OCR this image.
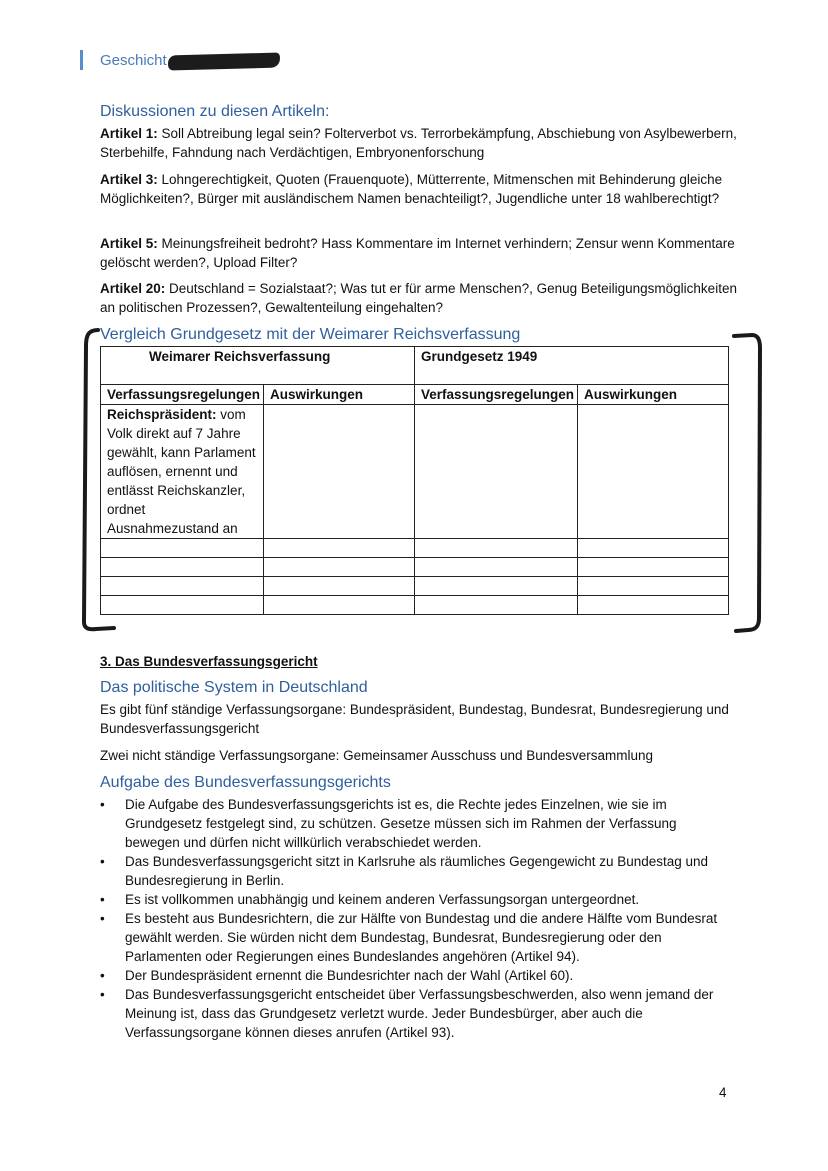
Geschicht
Diskussionen zu diesen Artikeln:

Artikel 1: Soll Abtreibung legal sein? Folterverbot vs. Terrorbekämpfung, Abschiebung von Asylbewerbern, Sterbehilfe, Fahndung nach Verdächtigen, Embryonenforschung

Artikel 3: Lohngerechtigkeit, Quoten (Frauenquote), Mütterrente, Mitmenschen mit Behinderung gleiche Möglichkeiten?, Bürger mit ausländischem Namen benachteiligt?, Jugendliche unter 18 wahlberechtigt?

Artikel 5: Meinungsfreiheit bedroht? Hass Kommentare im Internet verhindern; Zensur wenn Kommentare gelöscht werden?, Upload Filter?

Artikel 20: Deutschland = Sozialstaat?; Was tut er für arme Menschen?, Genug Beteiligungsmöglichkeiten an politischen Prozessen?, Gewaltenteilung eingehalten?

Vergleich Grundgesetz mit der Weimarer Reichsverfassung
Weimarer Reichsverfassung		Grundgesetz 1949	
Verfassungsregelungen	Auswirkungen	Verfassungsregelungen	Auswirkungen
Reichspräsident: vom Volk direkt auf 7 Jahre gewählt, kann Parlament auflösen, ernennt und entlässt Reichskanzler, ordnet Ausnahmezustand an			

3. Das Bundesverfassungsgericht
Das politische System in Deutschland

Es gibt fünf ständige Verfassungsorgane: Bundespräsident, Bundestag, Bundesrat, Bundesregierung und Bundesverfassungsgericht

Zwei nicht ständige Verfassungsorgane: Gemeinsamer Ausschuss und Bundesversammlung

Aufgabe des Bundesverfassungsgerichts
• Die Aufgabe des Bundesverfassungsgerichts ist es, die Rechte jedes Einzelnen, wie sie im Grundgesetz festgelegt sind, zu schützen. Gesetze müssen sich im Rahmen der Verfassung bewegen und dürfen nicht willkürlich verabschiedet werden.
• Das Bundesverfassungsgericht sitzt in Karlsruhe als räumliches Gegengewicht zu Bundestag und Bundesregierung in Berlin.
• Es ist vollkommen unabhängig und keinem anderen Verfassungsorgan untergeordnet.
• Es besteht aus Bundesrichtern, die zur Hälfte von Bundestag und die andere Hälfte vom Bundesrat gewählt werden. Sie würden nicht dem Bundestag, Bundesrat, Bundesregierung oder den Parlamenten oder Regierungen eines Bundeslandes angehören (Artikel 94).
• Der Bundespräsident ernennt die Bundesrichter nach der Wahl (Artikel 60).
• Das Bundesverfassungsgericht entscheidet über Verfassungsbeschwerden, also wenn jemand der Meinung ist, dass das Grundgesetz verletzt wurde. Jeder Bundesbürger, aber auch die Verfassungsorgane können dieses anrufen (Artikel 93).
4
